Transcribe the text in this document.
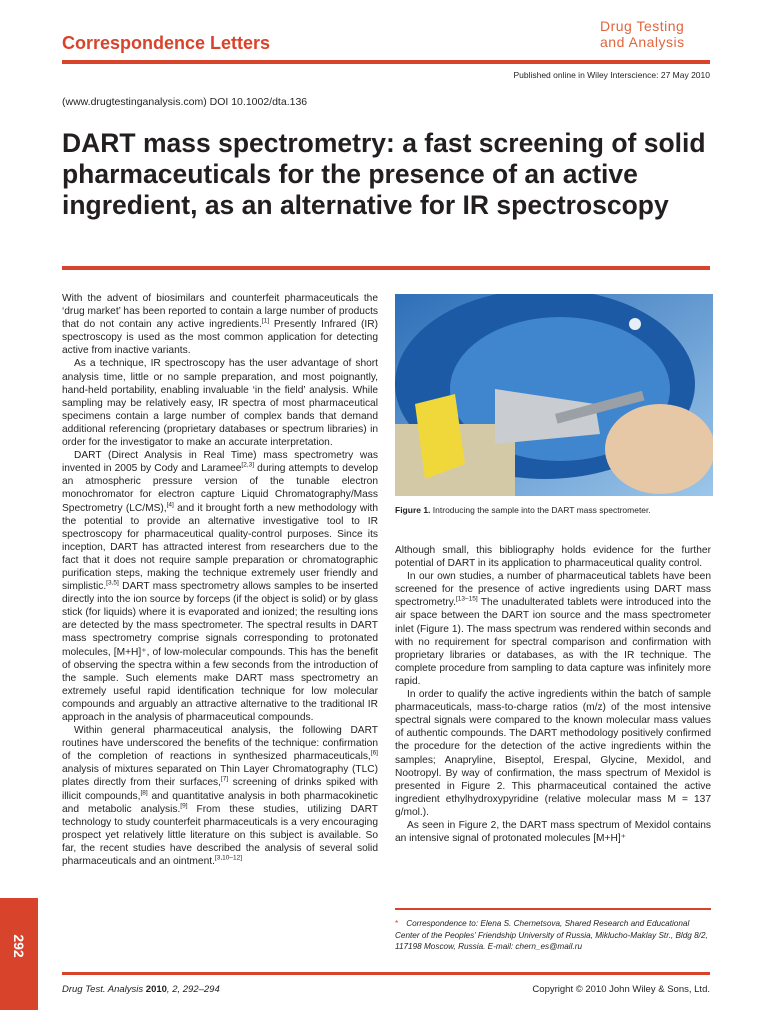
Correspondence Letters
Drug Testing
and Analysis
Published online in Wiley Interscience: 27 May 2010
(www.drugtestinganalysis.com) DOI 10.1002/dta.136
DART mass spectrometry: a fast screening of solid pharmaceuticals for the presence of an active ingredient, as an alternative for IR spectroscopy

With the advent of biosimilars and counterfeit pharmaceuticals the ‘drug market’ has been reported to contain a large number of products that do not contain any active ingredients.[1] Presently Infrared (IR) spectroscopy is used as the most common application for detecting active from inactive variants.

As a technique, IR spectroscopy has the user advantage of short analysis time, little or no sample preparation, and most poignantly, hand-held portability, enabling invaluable ‘in the field’ analysis. While sampling may be relatively easy, IR spectra of most pharmaceutical specimens contain a large number of complex bands that demand additional referencing (proprietary databases or spectrum libraries) in order for the investigator to make an accurate interpretation.

DART (Direct Analysis in Real Time) mass spectrometry was invented in 2005 by Cody and Laramee[2,3] during attempts to develop an atmospheric pressure version of the tunable electron monochromator for electron capture Liquid Chromatography/Mass Spectrometry (LC/MS),[4] and it brought forth a new methodology with the potential to provide an alternative investigative tool to IR spectroscopy for pharmaceutical quality-control purposes. Since its inception, DART has attracted interest from researchers due to the fact that it does not require sample preparation or chromatographic purification steps, making the technique extremely user friendly and simplistic.[3,5] DART mass spectrometry allows samples to be inserted directly into the ion source by forceps (if the object is solid) or by glass stick (for liquids) where it is evaporated and ionized; the resulting ions are detected by the mass spectrometer. The spectral results in DART mass spectrometry comprise signals corresponding to protonated molecules, [M+H]⁺, of low-molecular compounds. This has the benefit of observing the spectra within a few seconds from the introduction of the sample. Such elements make DART mass spectrometry an extremely useful rapid identification technique for low molecular compounds and arguably an attractive alternative to the traditional IR approach in the analysis of pharmaceutical compounds.

Within general pharmaceutical analysis, the following DART routines have underscored the benefits of the technique: confirmation of the completion of reactions in synthesized pharmaceuticals,[6] analysis of mixtures separated on Thin Layer Chromatography (TLC) plates directly from their surfaces,[7] screening of drinks spiked with illicit compounds,[8] and quantitative analysis in both pharmacokinetic and metabolic analysis.[9] From these studies, utilizing DART technology to study counterfeit pharmaceuticals is a very encouraging prospect yet relatively little literature on this subject is available. So far, the recent studies have described the analysis of several solid pharmaceuticals and an ointment.[3,10–12]

Figure 1. Introducing the sample into the DART mass spectrometer.

Although small, this bibliography holds evidence for the further potential of DART in its application to pharmaceutical quality control.

In our own studies, a number of pharmaceutical tablets have been screened for the presence of active ingredients using DART mass spectrometry.[13–15] The unadulterated tablets were introduced into the air space between the DART ion source and the mass spectrometer inlet (Figure 1). The mass spectrum was rendered within seconds and with no requirement for spectral comparison and confirmation with proprietary libraries or databases, as with the IR technique. The complete procedure from sampling to data capture was infinitely more rapid.

In order to qualify the active ingredients within the batch of sample pharmaceuticals, mass-to-charge ratios (m/z) of the most intensive spectral signals were compared to the known molecular mass values of authentic compounds. The DART methodology positively confirmed the procedure for the detection of the active ingredients within the samples; Anapryline, Biseptol, Erespal, Glycine, Mexidol, and Nootropyl. By way of confirmation, the mass spectrum of Mexidol is presented in Figure 2. This pharmaceutical contained the active ingredient ethylhydroxypyridine (relative molecular mass M = 137 g/mol.).

As seen in Figure 2, the DART mass spectrum of Mexidol contains an intensive signal of protonated molecules [M+H]⁺

* Correspondence to: Elena S. Chernetsova, Shared Research and Educational Center of the Peoples’ Friendship University of Russia, Miklucho-Maklay Str., Bldg 8/2, 117198 Moscow, Russia. E-mail: chern_es@mail.ru
Drug Test. Analysis 2010, 2, 292–294	Copyright © 2010 John Wiley & Sons, Ltd.
292
